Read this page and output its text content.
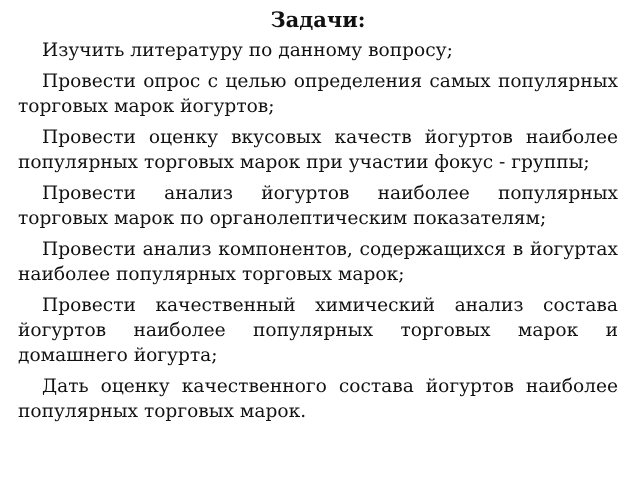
Задачи:
Изучить литературу по данному вопросу;
Провести опрос с целью определения самых популярных торговых марок йогуртов;
Провести оценку вкусовых качеств йогуртов наиболее популярных торговых марок при участии фокус - группы;
Провести анализ йогуртов наиболее популярных торговых марок по органолептическим показателям;
Провести анализ компонентов, содержащихся в йогуртах наиболее популярных торговых марок;
Провести качественный химический анализ состава йогуртов наиболее популярных торговых марок и домашнего йогурта;
Дать оценку качественного состава йогуртов наиболее популярных торговых марок.
